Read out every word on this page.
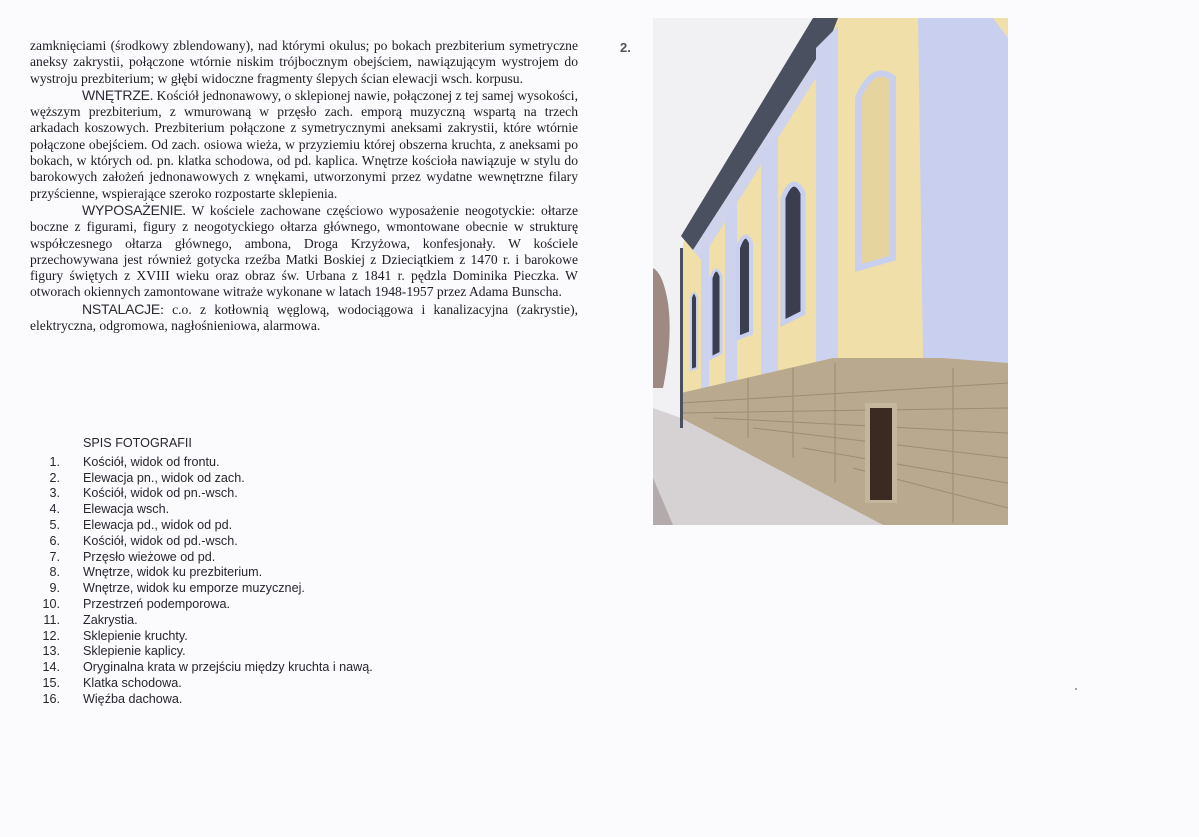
zamknięciami (środkowy zblendowany), nad którymi okulus; po bokach prezbiterium symetryczne aneksy zakrystii, połączone wtórnie niskim trójbocznym obejściem, nawiązującym wystrojem do wystroju prezbiterium; w głębi widoczne fragmenty ślepych ścian elewacji wsch. korpusu.

WNĘTRZE. Kościół jednonawowy, o sklepionej nawie, połączonej z tej samej wysokości, węższym prezbiterium, z wmurowaną w przęsło zach. emporą muzyczną wspartą na trzech arkadach koszowych. Prezbiterium połączone z symetrycznymi aneksami zakrystii, które wtórnie połączone obejściem. Od zach. osiowa wieża, w przyziemiu której obszerna kruchta, z aneksami po bokach, w których od. pn. klatka schodowa, od pd. kaplica. Wnętrze kościoła nawiązuje w stylu do barokowych założeń jednonawowych z wnękami, utworzonymi przez wydatne wewnętrzne filary przyścienne, wspierające szeroko rozpostarte sklepienia.

WYPOSAŻENIE. W kościele zachowane częściowo wyposażenie neogotyckie: ołtarze boczne z figurami, figury z neogotyckiego ołtarza głównego, wmontowane obecnie w strukturę współczesnego ołtarza głównego, ambona, Droga Krzyżowa, konfesjonały. W kościele przechowywana jest również gotycka rzeźba Matki Boskiej z Dzieciątkiem z 1470 r. i barokowe figury świętych z XVIII wieku oraz obraz św. Urbana z 1841 r. pędzla Dominika Pieczka. W otworach okiennych zamontowane witraże wykonane w latach 1948-1957 przez Adama Bunscha.

NSTALACJE: c.o. z kotłownią węglową, wodociągowa i kanalizacyjna (zakrystie), elektryczna, odgromowa, nagłośnieniowa, alarmowa.

SPIS FOTOGRAFII
1.	Kościół, widok od frontu.
2.	Elewacja pn., widok od zach.
3.	Kościół, widok od pn.-wsch.
4.	Elewacja wsch.
5.	Elewacja pd., widok od pd.
6.	Kościół, widok od pd.-wsch.
7.	Przęsło wieżowe od pd.
8.	Wnętrze, widok ku prezbiterium.
9.	Wnętrze, widok ku emporze muzycznej.
10.	Przestrzeń podemporowa.
11.	Zakrystia.
12.	Sklepienie kruchty.
13.	Sklepienie kaplicy.
14.	Oryginalna krata w przejściu między kruchta i nawą.
15.	Klatka schodowa.
16.	Więźba dachowa.
2.
